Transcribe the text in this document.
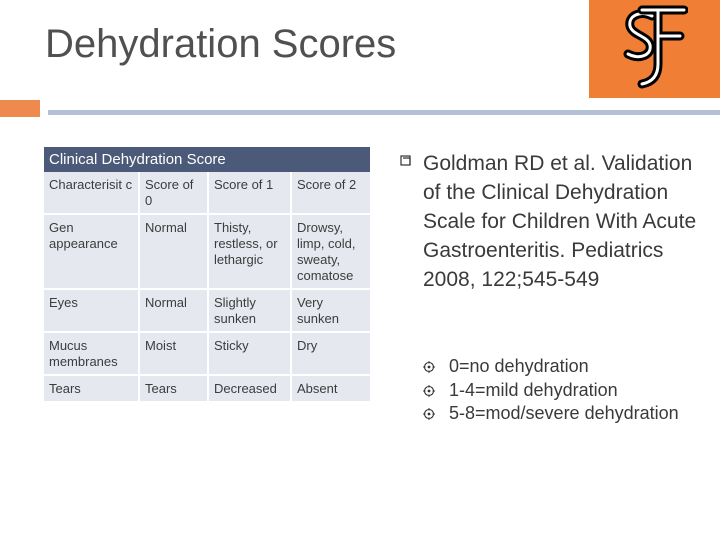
Dehydration Scores
Clinical Dehydration Score
Characterisit c	Score of 0	Score of 1	Score of 2
Gen appearance	Normal	Thisty, restless, or lethargic	Drowsy, limp, cold, sweaty, comatose
Eyes	Normal	Slightly sunken	Very sunken
Mucus membranes	Moist	Sticky	Dry
Tears	Tears	Decreased	Absent
Goldman RD et al. Validation of the Clinical Dehydration Scale for Children With Acute Gastroenteritis. Pediatrics 2008, 122;545-549
0=no dehydration
1-4=mild dehydration
5-8=mod/severe dehydration
